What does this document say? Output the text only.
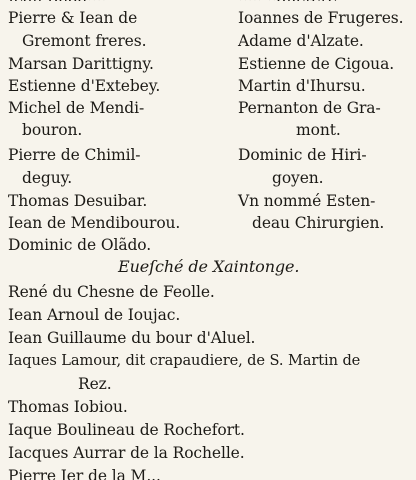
Pierre & Iean de
Gremont freres.
Marsan Darittigny.
Estienne d'Extebey.
Michel de Mendi-
bouron.
Pierre de Chimil-
deguy.
Thomas Desuibar.
Iean de Mendibourou.
Dominic de Olãdo.
Ioannes de Frugeres.
Adame d'Alzate.
Estienne de Cigoua.
Martin d'Ihursu.
Pernanton de Gra-
mont.
Dominic de Hiri-
goyen.
Vn nommé Esten-
deau Chirurgien.
Eueſché de Xaintonge.
René du Chesne de Feolle.
Iean Arnoul de Ioujac.
Iean Guillaume du bour d'Aluel.
Iaques Lamour, dit crapaudiere, de S. Martin de
Rez.
Thomas Iobiou.
Iaque Boulineau de Rochefort.
Iacques Aurrar de la Rochelle.
Pierre Ier de la M...
